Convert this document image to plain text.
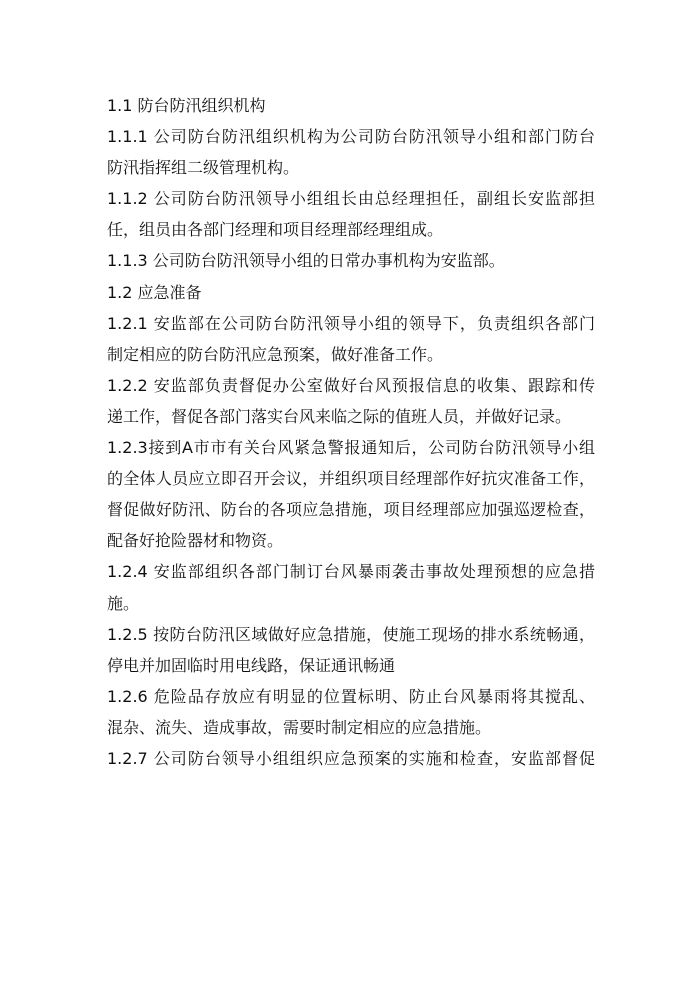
1.1 防台防汛组织机构
1.1.1 公司防台防汛组织机构为公司防台防汛领导小组和部门防台
防汛指挥组二级管理机构。
1.1.2 公司防台防汛领导小组组长由总经理担任，副组长安监部担
任，组员由各部门经理和项目经理部经理组成。
1.1.3 公司防台防汛领导小组的日常办事机构为安监部。
1.2 应急准备
1.2.1 安监部在公司防台防汛领导小组的领导下，负责组织各部门
制定相应的防台防汛应急预案，做好准备工作。
1.2.2 安监部负责督促办公室做好台风预报信息的收集、跟踪和传
递工作，督促各部门落实台风来临之际的值班人员，并做好记录。
1.2.3接到A市市有关台风紧急警报通知后，公司防台防汛领导小组
的全体人员应立即召开会议，并组织项目经理部作好抗灾准备工作，
督促做好防汛、防台的各项应急措施，项目经理部应加强巡逻检查，
配备好抢险器材和物资。
1.2.4 安监部组织各部门制订台风暴雨袭击事故处理预想的应急措
施。
1.2.5 按防台防汛区域做好应急措施，使施工现场的排水系统畅通，
停电并加固临时用电线路，保证通讯畅通
1.2.6 危险品存放应有明显的位置标明、防止台风暴雨将其搅乱、
混杂、流失、造成事故，需要时制定相应的应急措施。
1.2.7 公司防台领导小组组织应急预案的实施和检查，安监部督促
